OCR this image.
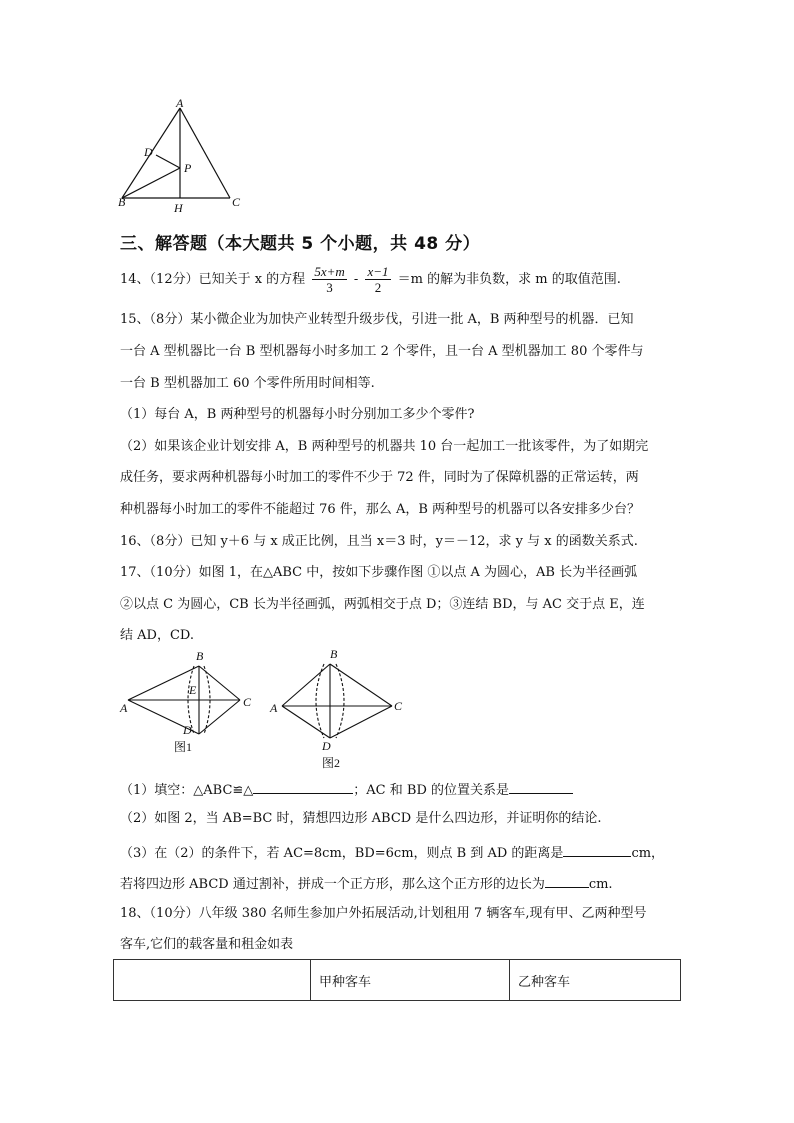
A
D
P
B	H	C
三、解答题（本大题共 5 个小题，共 48 分）
14、（12分）已知关于 x 的方程 $\frac{5x+m}{3} - \frac{x-1}{2} =m$ 的解为非负数，求 m 的取值范围.
15、（8分）某小微企业为加快产业转型升级步伐，引进一批 A，B 两种型号的机器．已知
一台 A 型机器比一台 B 型机器每小时多加工 2 个零件，且一台 A 型机器加工 80 个零件与
一台 B 型机器加工 60 个零件所用时间相等.
（1）每台 A，B 两种型号的机器每小时分别加工多少个零件?
（2）如果该企业计划安排 A，B 两种型号的机器共 10 台一起加工一批该零件，为了如期完
成任务，要求两种机器每小时加工的零件不少于 72 件，同时为了保障机器的正常运转，两
种机器每小时加工的零件不能超过 76 件，那么 A，B 两种型号的机器可以各安排多少台？
16、（8分）已知 y＋6 与 x 成正比例，且当 x＝3 时，y＝－12，求 y 与 x 的函数关系式.
17、（10分）如图 1，在△ABC 中，按如下步骤作图 ①以点 A 为圆心，AB 长为半径画弧
②以点 C 为圆心，CB 长为半径画弧，两弧相交于点 D；③连结 BD，与 AC 交于点 E，连
结 AD，CD.
B
A
E
C
D
图1
B
A	C
D
图2
（1）填空：△ABC≌△	；AC 和 BD 的位置关系是
（2）如图 2，当 AB=BC 时，猜想四边形 ABCD 是什么四边形，并证明你的结论.
（3）在（2）的条件下，若 AC=8cm，BD=6cm，则点 B 到 AD 的距离是	cm，
若将四边形 ABCD 通过割补，拼成一个正方形，那么这个正方形的边长为	cm.
18、（10分）八年级 380 名师生参加户外拓展活动,计划租用 7 辆客车,现有甲、乙两种型号
客车,它们的载客量和租金如表
	甲种客车	乙种客车
